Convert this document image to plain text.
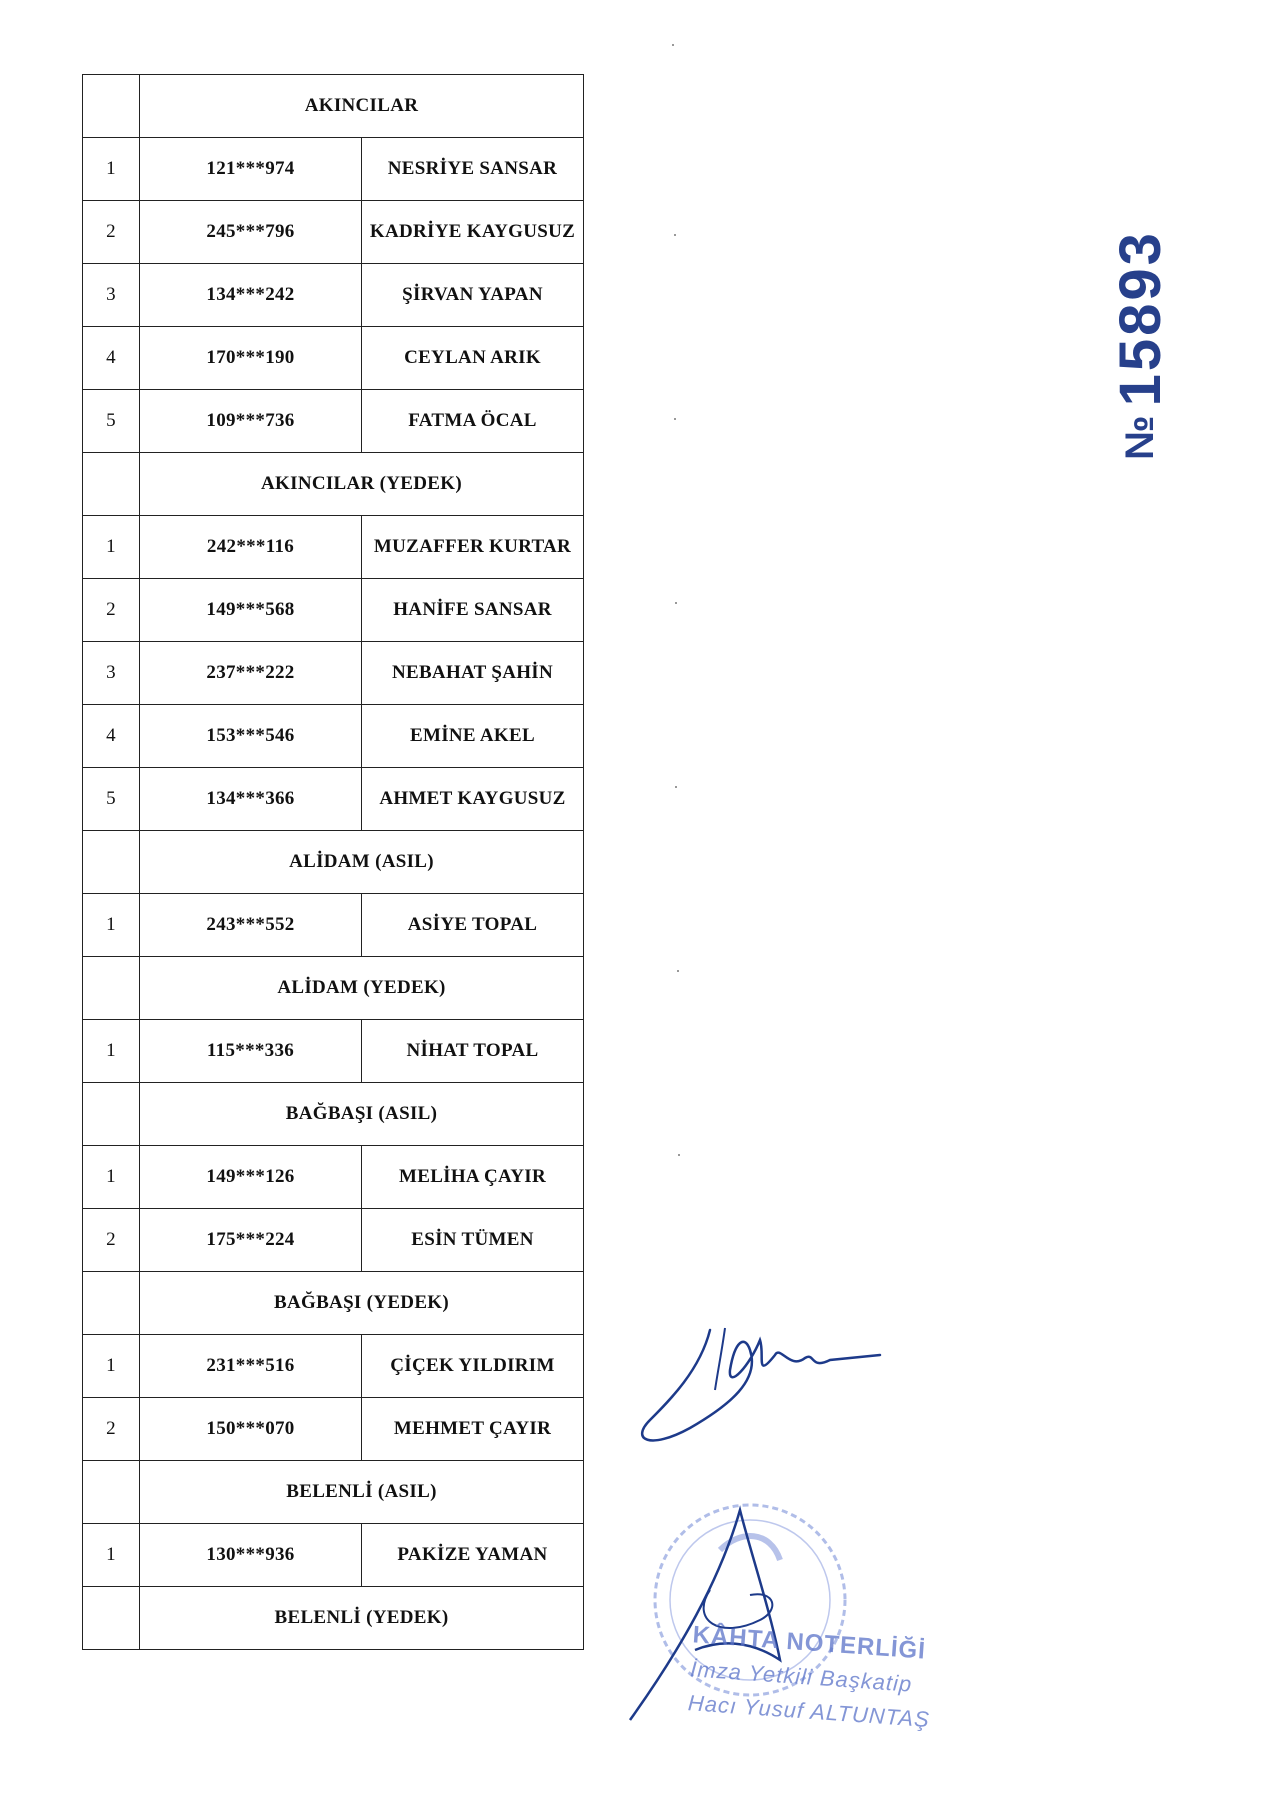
	AKINCILAR	
1	121***974	NESRİYE SANSAR
2	245***796	KADRİYE KAYGUSUZ
3	134***242	ŞİRVAN YAPAN
4	170***190	CEYLAN ARIK
5	109***736	FATMA ÖCAL
	AKINCILAR (YEDEK)	
1	242***116	MUZAFFER KURTAR
2	149***568	HANİFE SANSAR
3	237***222	NEBAHAT ŞAHİN
4	153***546	EMİNE AKEL
5	134***366	AHMET KAYGUSUZ
	ALİDAM (ASIL)	
1	243***552	ASİYE TOPAL
	ALİDAM (YEDEK)	
1	115***336	NİHAT TOPAL
	BAĞBAŞI (ASIL)	
1	149***126	MELİHA ÇAYIR
2	175***224	ESİN TÜMEN
	BAĞBAŞI (YEDEK)	
1	231***516	ÇİÇEK YILDIRIM
2	150***070	MEHMET ÇAYIR
	BELENLİ (ASIL)	
1	130***936	PAKİZE YAMAN
	BELENLİ (YEDEK)	
№
15893
KÂHTA NOTERLİĞİ
İmza Yetkili Başkatip
Hacı Yusuf ALTUNTAŞ
